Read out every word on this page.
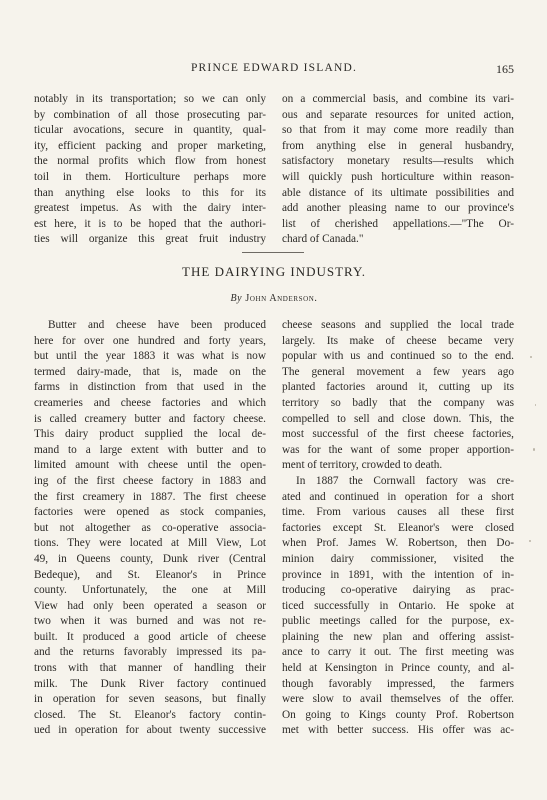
PRINCE EDWARD ISLAND.	165
notably in its transportation; so we can only
by combination of all those prosecuting par-
ticular avocations, secure in quantity, qual-
ity, efficient packing and proper marketing,
the normal profits which flow from honest
toil in them. Horticulture perhaps more
than anything else looks to this for its
greatest impetus. As with the dairy inter-
est here, it is to be hoped that the authori-
ties will organize this great fruit industry
on a commercial basis, and combine its vari-
ous and separate resources for united action,
so that from it may come more readily than
from anything else in general husbandry,
satisfactory monetary results—results which
will quickly push horticulture within reason-
able distance of its ultimate possibilities and
add another pleasing name to our province's
list of cherished appellations.—"The Or-
chard of Canada."
THE DAIRYING INDUSTRY.
By John Anderson.
Butter and cheese have been produced
here for over one hundred and forty years,
but until the year 1883 it was what is now
termed dairy-made, that is, made on the
farms in distinction from that used in the
creameries and cheese factories and which
is called creamery butter and factory cheese.
This dairy product supplied the local de-
mand to a large extent with butter and to
limited amount with cheese until the open-
ing of the first cheese factory in 1883 and
the first creamery in 1887. The first cheese
factories were opened as stock companies,
but not altogether as co-operative associa-
tions. They were located at Mill View, Lot
49, in Queens county, Dunk river (Central
Bedeque), and St. Eleanor's in Prince
county. Unfortunately, the one at Mill
View had only been operated a season or
two when it was burned and was not re-
built. It produced a good article of cheese
and the returns favorably impressed its pa-
trons with that manner of handling their
milk. The Dunk River factory continued
in operation for seven seasons, but finally
closed. The St. Eleanor's factory contin-
ued in operation for about twenty successive
cheese seasons and supplied the local trade
largely. Its make of cheese became very
popular with us and continued so to the end.
The general movement a few years ago
planted factories around it, cutting up its
territory so badly that the company was
compelled to sell and close down. This, the
most successful of the first cheese factories,
was for the want of some proper apportion-
ment of territory, crowded to death.
In 1887 the Cornwall factory was cre-
ated and continued in operation for a short
time. From various causes all these first
factories except St. Eleanor's were closed
when Prof. James W. Robertson, then Do-
minion dairy commissioner, visited the
province in 1891, with the intention of in-
troducing co-operative dairying as prac-
ticed successfully in Ontario. He spoke at
public meetings called for the purpose, ex-
plaining the new plan and offering assist-
ance to carry it out. The first meeting was
held at Kensington in Prince county, and al-
though favorably impressed, the farmers
were slow to avail themselves of the offer.
On going to Kings county Prof. Robertson
met with better success. His offer was ac-
